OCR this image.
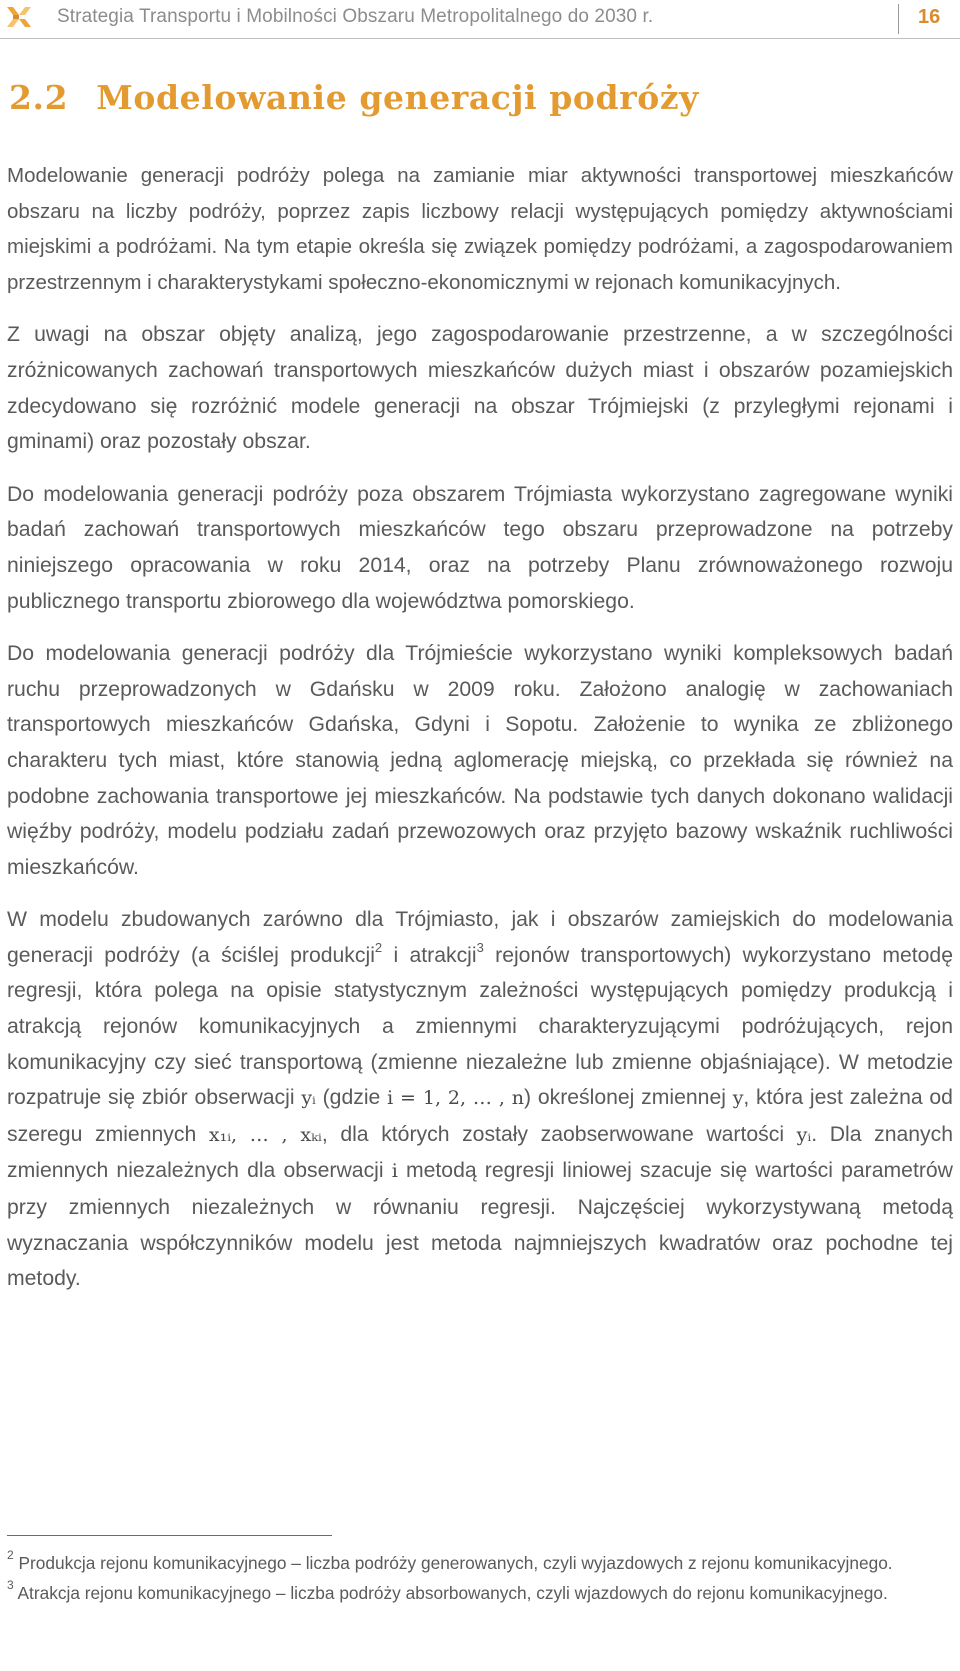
Strategia Transportu i Mobilności Obszaru Metropolitalnego do 2030 r.	16
2.2 Modelowanie generacji podróży

Modelowanie generacji podróży polega na zamianie miar aktywności transportowej mieszkańców obszaru na liczby podróży, poprzez zapis liczbowy relacji występujących pomiędzy aktywnościami miejskimi a podróżami. Na tym etapie określa się związek pomiędzy podróżami, a zagospodarowaniem przestrzennym i charakterystykami społeczno-ekonomicznymi w rejonach komunikacyjnych.

Z uwagi na obszar objęty analizą, jego zagospodarowanie przestrzenne, a w szczególności zróżnicowanych zachowań transportowych mieszkańców dużych miast i obszarów pozamiejskich zdecydowano się rozróżnić modele generacji na obszar Trójmiejski (z przyległymi rejonami i gminami) oraz pozostały obszar.

Do modelowania generacji podróży poza obszarem Trójmiasta wykorzystano zagregowane wyniki badań zachowań transportowych mieszkańców tego obszaru przeprowadzone na potrzeby niniejszego opracowania w roku 2014, oraz na potrzeby Planu zrównoważonego rozwoju publicznego transportu zbiorowego dla województwa pomorskiego.

Do modelowania generacji podróży dla Trójmieście wykorzystano wyniki kompleksowych badań ruchu przeprowadzonych w Gdańsku w 2009 roku. Założono analogię w zachowaniach transportowych mieszkańców Gdańska, Gdyni i Sopotu. Założenie to wynika ze zbliżonego charakteru tych miast, które stanowią jedną aglomerację miejską, co przekłada się również na podobne zachowania transportowe jej mieszkańców. Na podstawie tych danych dokonano walidacji więźby podróży, modelu podziału zadań przewozowych oraz przyjęto bazowy wskaźnik ruchliwości mieszkańców.

W modelu zbudowanych zarówno dla Trójmiasto, jak i obszarów zamiejskich do modelowania generacji podróży (a ściślej produkcji$^2$ i atrakcji$^3$ rejonów transportowych) wykorzystano metodę regresji, która polega na opisie statystycznym zależności występujących pomiędzy produkcją i atrakcją rejonów komunikacyjnych a zmiennymi charakteryzującymi podróżujących, rejon komunikacyjny czy sieć transportową (zmienne niezależne lub zmienne objaśniające). W metodzie rozpatruje się zbiór obserwacji yᵢ (gdzie i = 1, 2, … , n) określonej zmiennej y, która jest zależna od szeregu zmiennych x₁ᵢ, … , xₖᵢ, dla których zostały zaobserwowane wartości yᵢ. Dla znanych zmiennych niezależnych dla obserwacji i metodą regresji liniowej szacuje się wartości parametrów przy zmiennych niezależnych w równaniu regresji. Najczęściej wykorzystywaną metodą wyznaczania współczynników modelu jest metoda najmniejszych kwadratów oraz pochodne tej metody.

$^2$ Produkcja rejonu komunikacyjnego – liczba podróży generowanych, czyli wyjazdowych z rejonu komunikacyjnego.
$^3$ Atrakcja rejonu komunikacyjnego – liczba podróży absorbowanych, czyli wjazdowych do rejonu komunikacyjnego.
